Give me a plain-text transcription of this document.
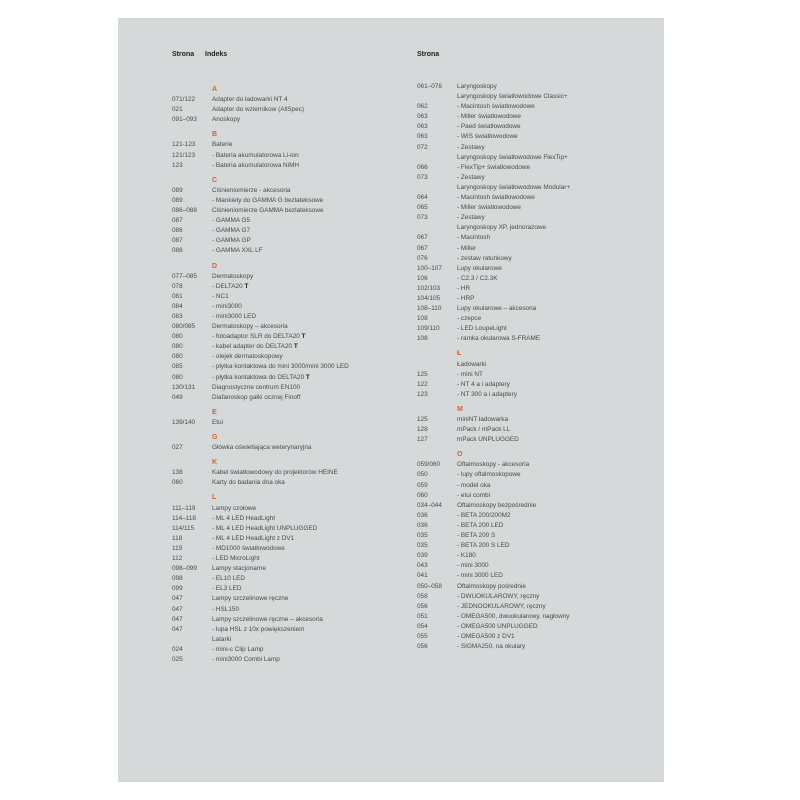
Strona Indeks
A
071/122	Adapter do ładowarki NT 4
021	Adapter do wziernikow (AllSpec)
091–093	Anoskopy
B
121-123	Baterie
121/123	- Bateria akumulatorowa Li-ion
123	- Bateria akumulatorowa NiMH
C
089	Ciśnieniomierze - akcesoria
089	- Mankiety do GAMMA G bezlateksowe
086–088	Ciśnieniomierze GAMMA bezlateksowe
087	- GAMMA G5
086	- GAMMA G7
087	- GAMMA GP
088	- GAMMA XXL LF
D
077–085	Dermatoskopy
078	- DELTA20 T
081	- NC1
084	- mini3000
083	- mini3000 LED
080/085	Dermatoskopy – akcesoria
080	- fotoadaptor SLR do DELTA20 T
080	- kabel adapter do DELTA20 T
080	- olejek dermatoskopowy
085	- płytka kontaktowa do mini 3000/mini 3000 LED
080	- płytka kontaktowa do DELTA20 T
130/131	Diagnostyczne centrum EN100
049	Diafanoskop gałki ocznej Finoff
E
139/140	Etui
G
027	Główka oświetlająca weterynaryjna
K
138	Kabel światłowodowy do projektorów HEINE
060	Karty do badania dna oka
L
111–119	Lampy czołowe
114–118	- ML 4 LED HeadLight
114/115	- ML 4 LED HeadLight UNPLUGGED
118	- ML 4 LED HeadLight z DV1
119	- MD1000 światłowodowe
112	- LED MicroLight
098–099	Lampy stacjonarne
098	- EL10 LED
099	- EL3 LED
047	Lampy szczelinowe ręczne
047	- HSL150
047	Lampy szczelinowe ręczne – akcesoria
047	- lupa HSL z 10x powiększeniem
Latarki
024	- mini-c Clip Lamp
025	- mini3000 Combi Lamp
Strona
061–076	Laryngoskopy
Laryngoskopy światłowodowe Classic+
062	- Macintosh światłowodowe
063	- Miller światłowodowe
063	- Paed światłowodowe
063	- WIS światłowodowe
072	- Zestawy
Laryngoskopy światłowodowe FlexTip+
066	- FlexTip+ światłowodowe
073	- Zestawy
Laryngoskopy światłowodowe Modular+
064	- Macintosh światłowodowe
065	- Miller światłowodowe
073	- Zestawy
Laryngoskopy XP, jednorazowe
067	- Macintosh
067	- Miller
076	- zestaw ratunkowy
100–107	Lupy okularowe
106	- C2.3 / C2.3K
102/103	- HR
104/105	- HRP
108–110	Lupy okularowe – akcesoria
108	- czepce
109/110	- LED LoupeLight
108	- ramka okularowa S-FRAME
Ł
Ładowarki
125	- mini NT
122	- NT 4 a i adaptery
123	- NT 300 a i adaptery
M
125	miniNT ładowarka
128	mPack / mPack LL
127	mPack UNPLUGGED
O
059/060	Oftalmoskopy - akcesoria
050	- lupy oftalmoskopowe
059	- model oka
060	- etui combi
034–044	Oftalmoskopy bezpośrednie
036	- BETA 200/200M2
036	- BETA 200 LED
035	- BETA 200 S
035	- BETA 200 S LED
039	- K180
043	- mini 3000
041	- mini 3000 LED
050–058	Oftalmoskopy pośrednie
058	- DWUOKULAROWY, ręczny
056	- JEDNOOKULAROWY, ręczny
051	- OMEGA500, dwuokularowy, nagłowny
054	- OMEGA500 UNPLUGGED
055	- OMEGA500 z DV1
056	- SIGMA250, na okulary
